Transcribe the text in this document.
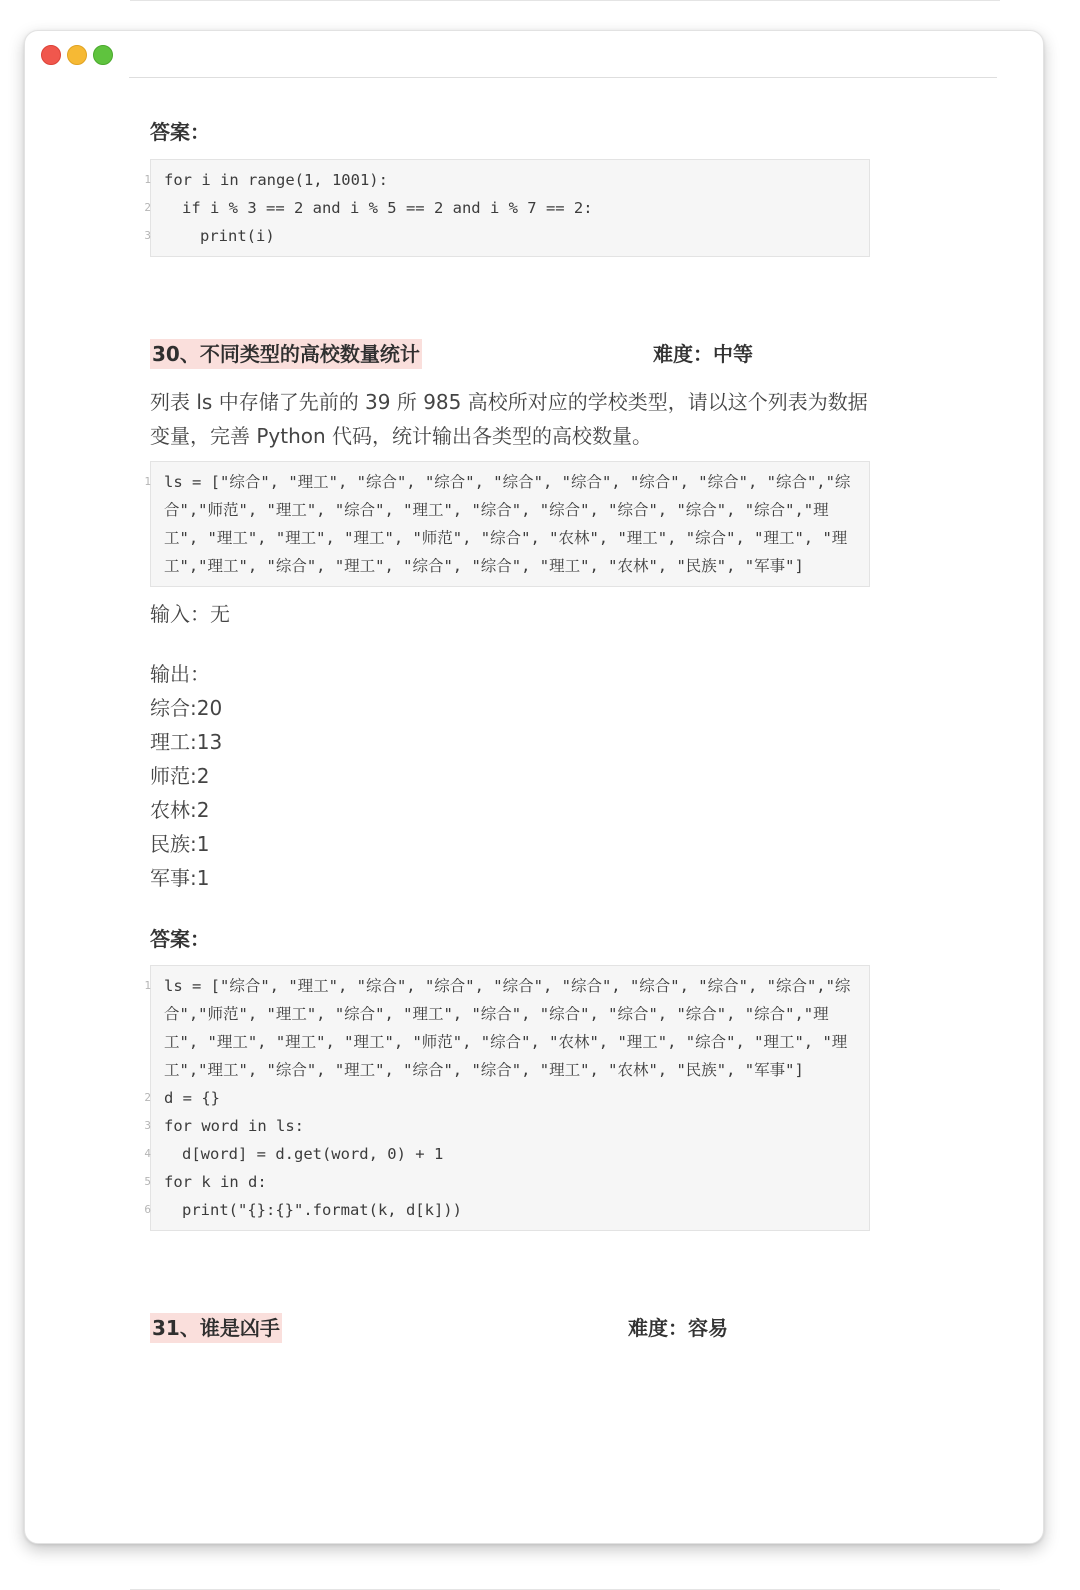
答案：
1 for i in range(1, 1001):
2	if i % 3 == 2 and i % 5 == 2 and i % 7 == 2:
3	print(i)
30、不同类型的高校数量统计	难度：中等

列表 ls 中存储了先前的 39 所 985 高校所对应的学校类型，请以这个列表为数据变量，完善 Python 代码，统计输出各类型的高校数量。

1 ls = ["综合", "理工", "综合", "综合", "综合", "综合", "综合", "综合", "综合","综合","师范", "理工", "综合", "理工", "综合", "综合", "综合", "综合", "综合","理工", "理工", "理工", "理工", "师范", "综合", "农林", "理工", "综合", "理工", "理工","理工", "综合", "理工", "综合", "综合", "理工", "农林", "民族", "军事"]
输入：无
输出：
综合:20
理工:13
师范:2
农林:2
民族:1
军事:1
答案：
1 ls = ["综合", "理工", "综合", "综合", "综合", "综合", "综合", "综合", "综合","综合","师范", "理工", "综合", "理工", "综合", "综合", "综合", "综合", "综合","理工", "理工", "理工", "理工", "师范", "综合", "农林", "理工", "综合", "理工", "理工","理工", "综合", "理工", "综合", "综合", "理工", "农林", "民族", "军事"]
2 d = {}
3 for word in ls:
4	d[word] = d.get(word, 0) + 1
5 for k in d:
6	print("{}:{}".format(k, d[k]))
31、谁是凶手	难度：容易
